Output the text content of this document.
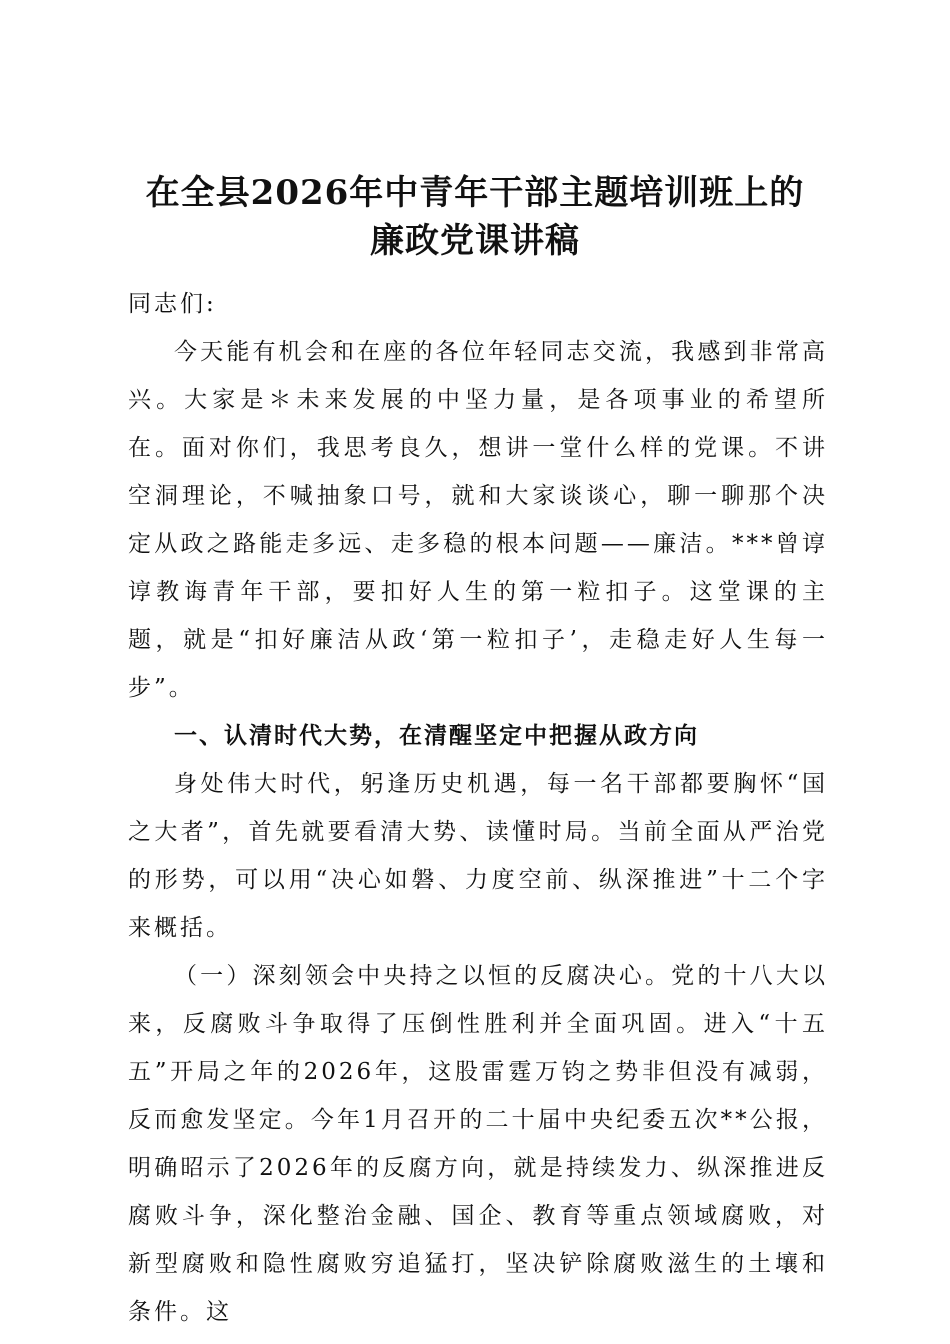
在全县2026年中青年干部主题培训班上的
廉政党课讲稿

同志们:

今天能有机会和在座的各位年轻同志交流，我感到非常高兴。大家是＊未来发展的中坚力量，是各项事业的希望所在。面对你们，我思考良久，想讲一堂什么样的党课。不讲空洞理论，不喊抽象口号，就和大家谈谈心，聊一聊那个决定从政之路能走多远、走多稳的根本问题——廉洁。***曾谆谆教诲青年干部，要扣好人生的第一粒扣子。这堂课的主题，就是“扣好廉洁从政‘第一粒扣子’，走稳走好人生每一步”。

一、认清时代大势，在清醒坚定中把握从政方向

身处伟大时代，躬逢历史机遇，每一名干部都要胸怀“国之大者”，首先就要看清大势、读懂时局。当前全面从严治党的形势，可以用“决心如磐、力度空前、纵深推进”十二个字来概括。

（一）深刻领会中央持之以恒的反腐决心。党的十八大以来，反腐败斗争取得了压倒性胜利并全面巩固。进入“十五五”开局之年的2026年，这股雷霆万钧之势非但没有减弱，反而愈发坚定。今年1月召开的二十届中央纪委五次**公报，明确昭示了2026年的反腐方向，就是持续发力、纵深推进反腐败斗争，深化整治金融、国企、教育等重点领域腐败，对新型腐败和隐性腐败穷追猛打，坚决铲除腐败滋生的土壤和条件。这
